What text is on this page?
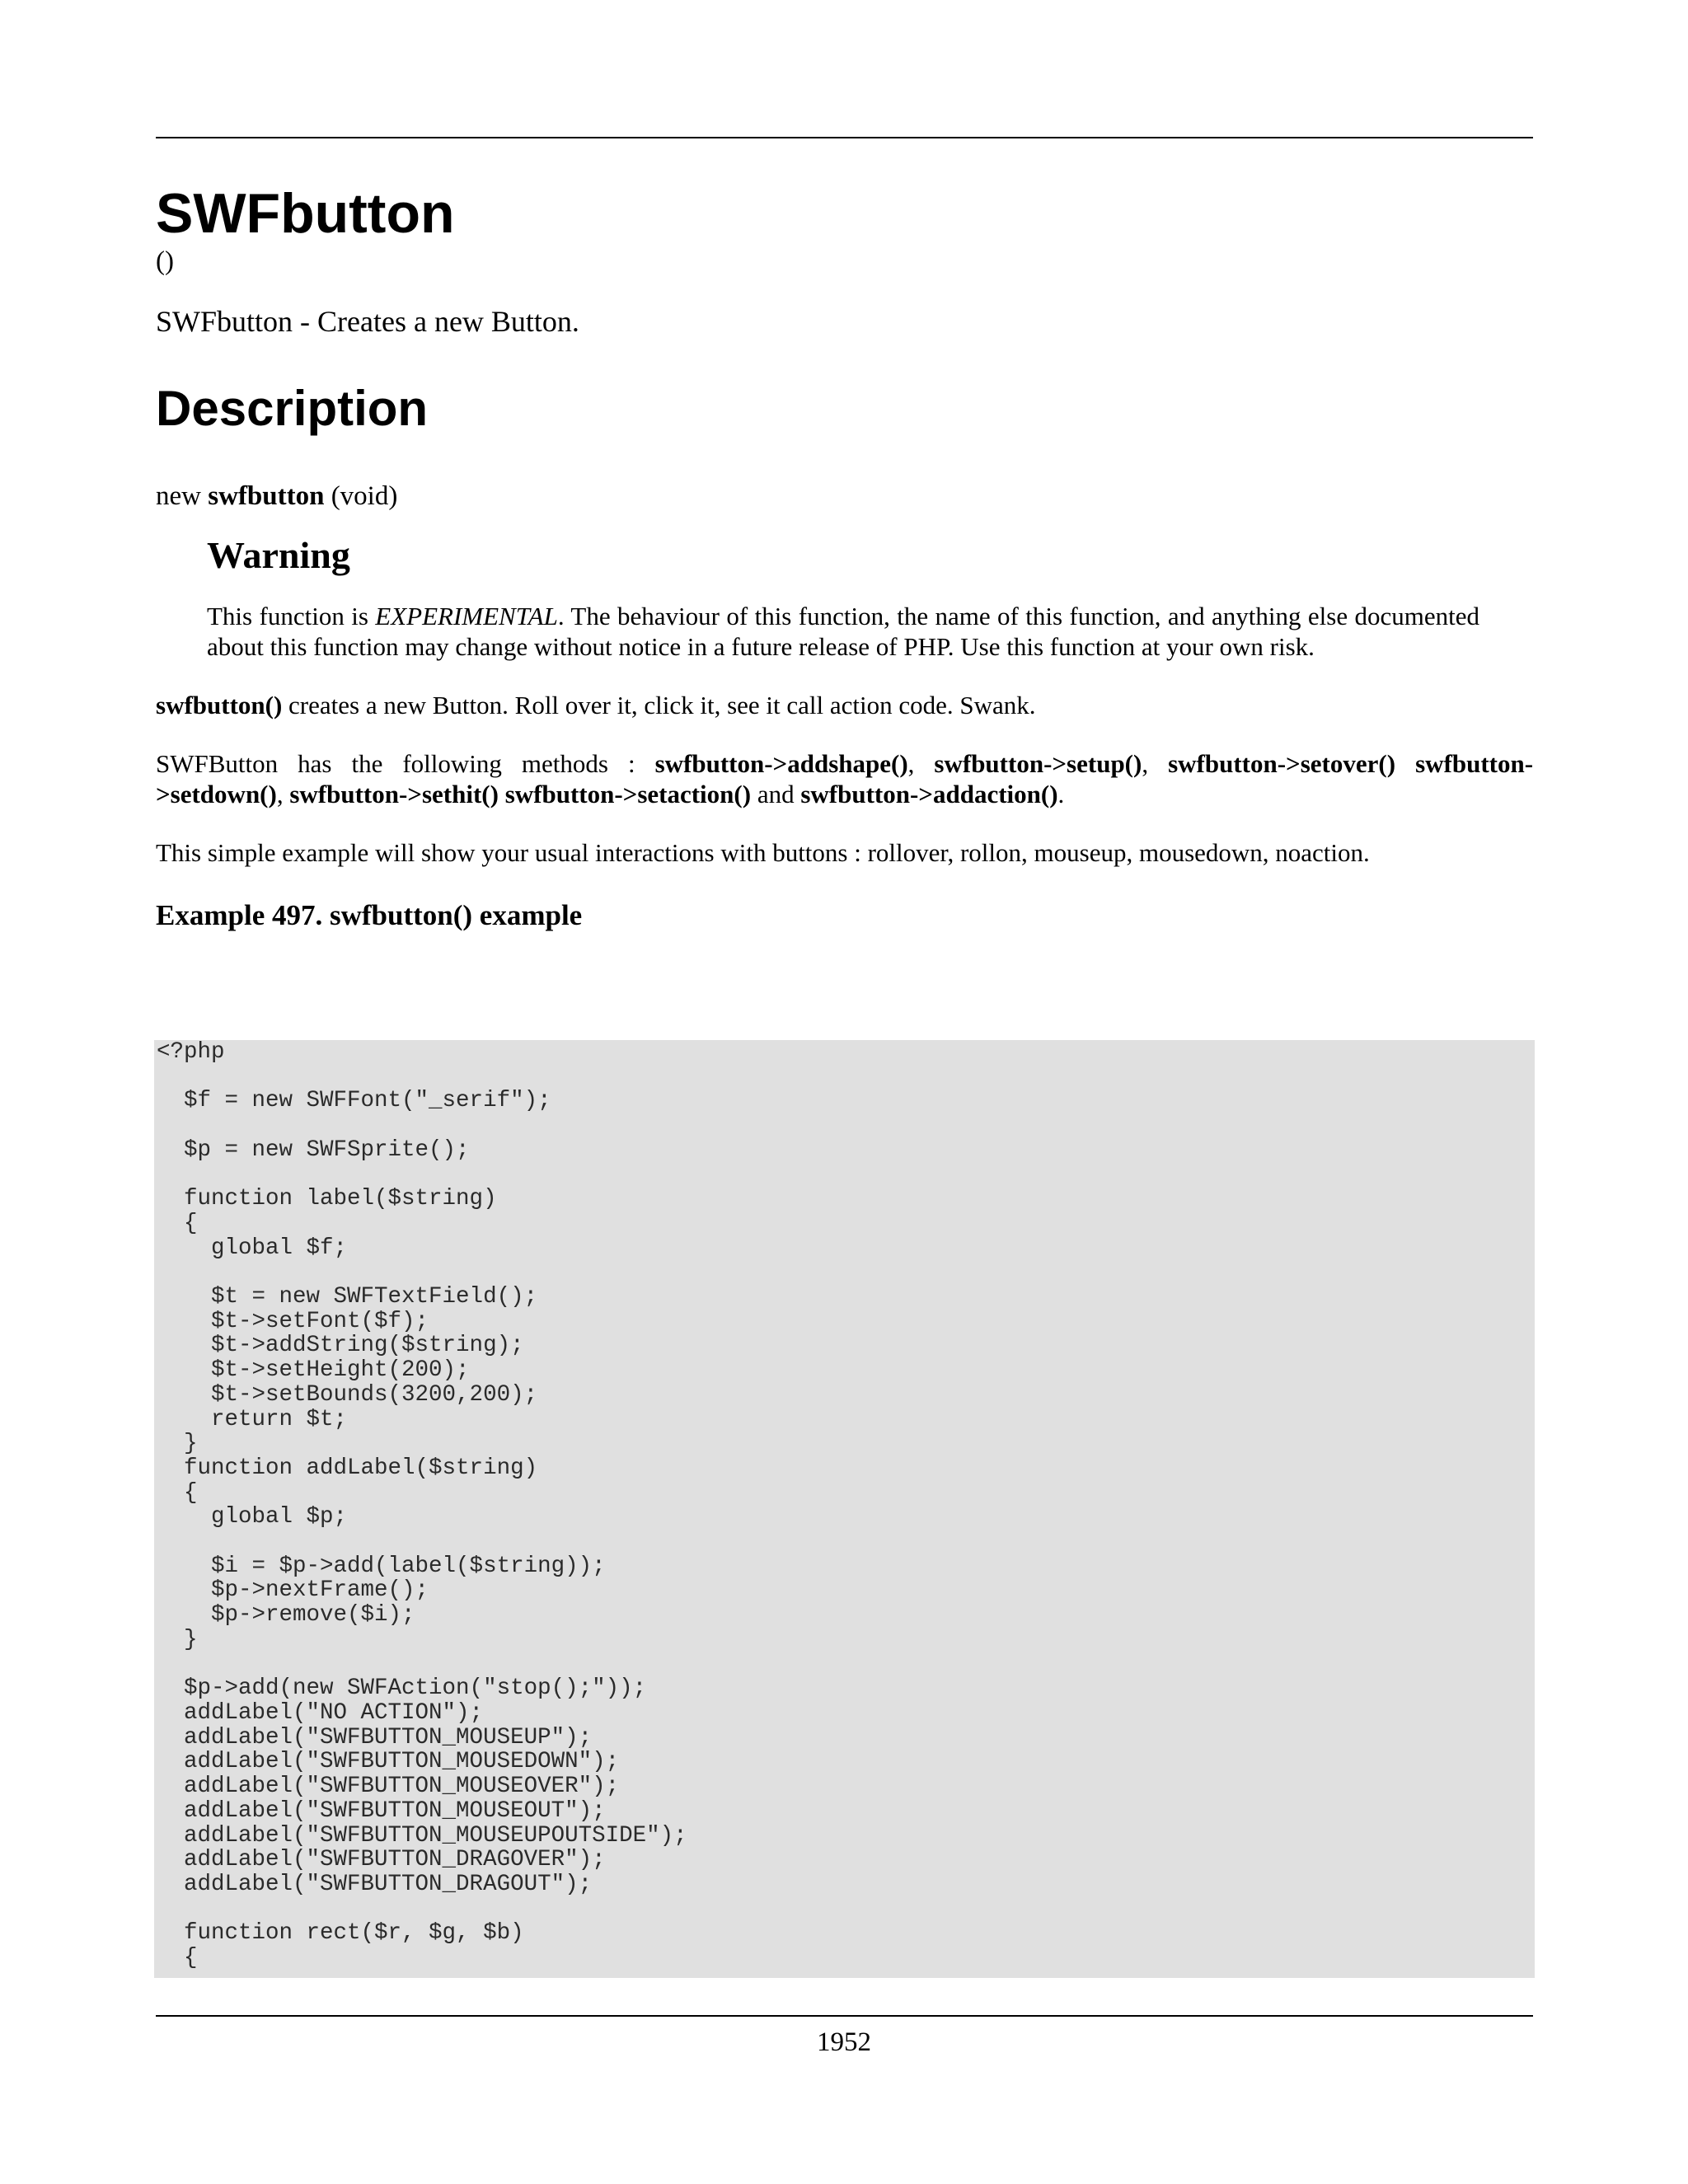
SWFbutton
()
SWFbutton - Creates a new Button.
Description
new swfbutton (void)
Warning

This function is EXPERIMENTAL. The behaviour of this function, the name of this function, and anything else documented about this function may change without notice in a future release of PHP. Use this function at your own risk.

swfbutton() creates a new Button. Roll over it, click it, see it call action code. Swank.

SWFButton has the following methods : swfbutton->addshape(), swfbutton->setup(), swfbutton->setover() swfbutton->setdown(), swfbutton->sethit() swfbutton->setaction() and swfbutton->addaction().

This simple example will show your usual interactions with buttons : rollover, rollon, mouseup, mousedown, noaction.

Example 497. swfbutton() example
<?php

$f = new SWFFont("_serif");

$p = new SWFSprite();

function label($string)
{
global $f;

$t = new SWFTextField();
$t->setFont($f);
$t->addString($string);
$t->setHeight(200);
$t->setBounds(3200,200);
return $t;
}
function addLabel($string)
{
global $p;

$i = $p->add(label($string));
$p->nextFrame();
$p->remove($i);
}

$p->add(new SWFAction("stop();"));
addLabel("NO ACTION");
addLabel("SWFBUTTON_MOUSEUP");
addLabel("SWFBUTTON_MOUSEDOWN");
addLabel("SWFBUTTON_MOUSEOVER");
addLabel("SWFBUTTON_MOUSEOUT");
addLabel("SWFBUTTON_MOUSEUPOUTSIDE");
addLabel("SWFBUTTON_DRAGOVER");
addLabel("SWFBUTTON_DRAGOUT");

function rect($r, $g, $b)
{
1952
